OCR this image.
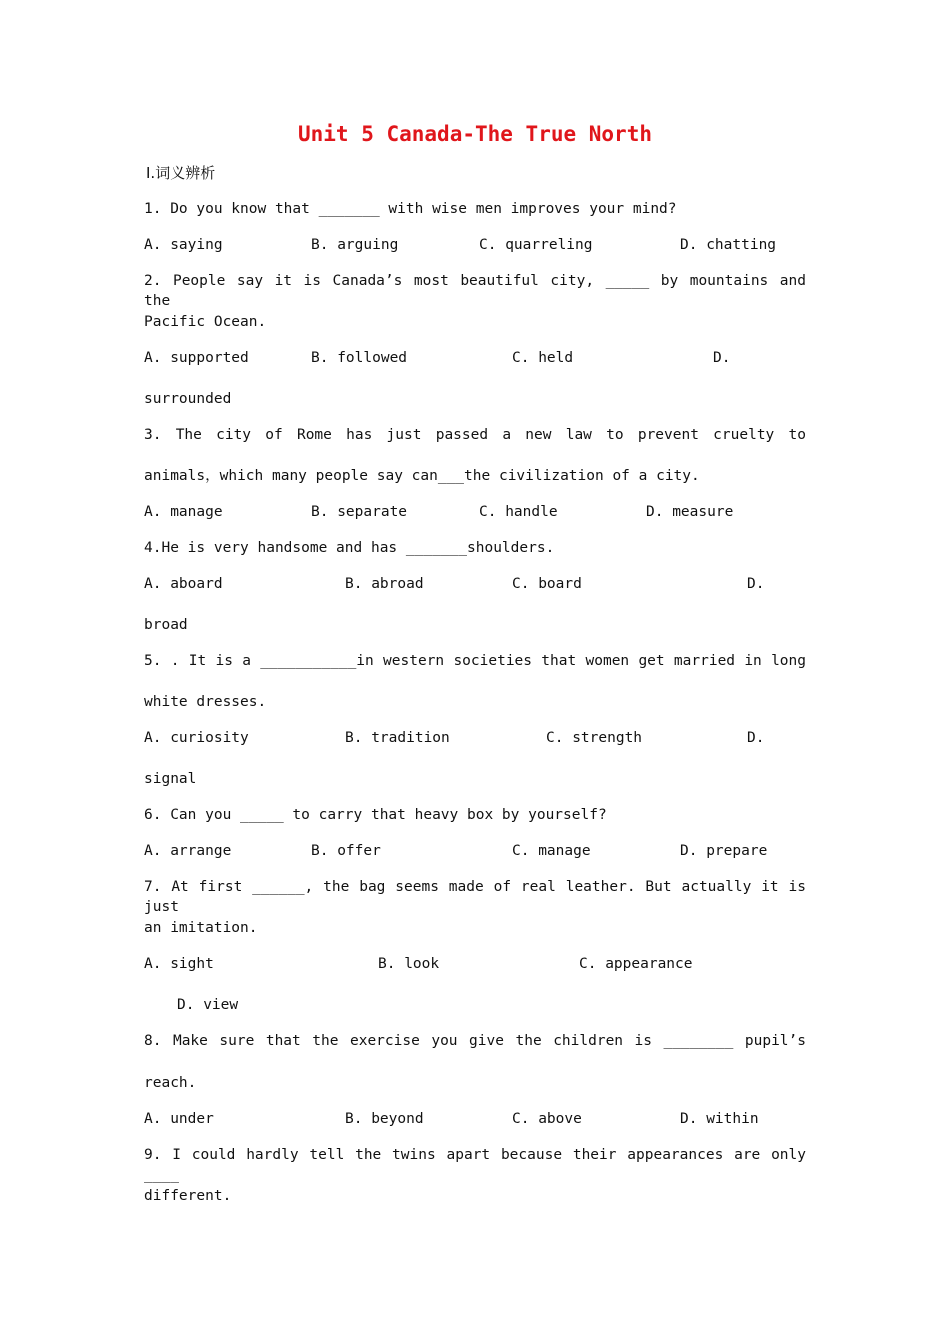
Unit 5 Canada-The True North
Ⅰ.词义辨析
1. Do you know that _______ with wise men improves your mind?
A. saying	B. arguing	C. quarreling	D. chatting
2. People say it is Canada’s most beautiful city, _____ by mountains and the
Pacific Ocean.
A. supported	B. followed	C. held	D.
surrounded
3. The city of Rome has just passed a new law to prevent cruelty to
animals，which many people say can___the civilization of a city.
A. manage	B. separate	C. handle	D. measure
4.He is very handsome and has _______shoulders.
A. aboard	B. abroad	C. board	D.
broad
5. . It is a ___________in western societies that women get married in long
white dresses.
A. curiosity	B. tradition	C. strength	D.
signal
6. Can you _____ to carry that heavy box by yourself?
A. arrange	B. offer	C. manage	D. prepare
7. At first ______, the bag seems made of real leather. But actually it is just
an imitation.
A. sight	B. look	C. appearance
D. view
8. Make sure that the exercise you give the children is ________ pupil’s
reach.
A. under	B. beyond	C. above	D. within
9. I could hardly tell the twins apart because their appearances are only ____
different.
